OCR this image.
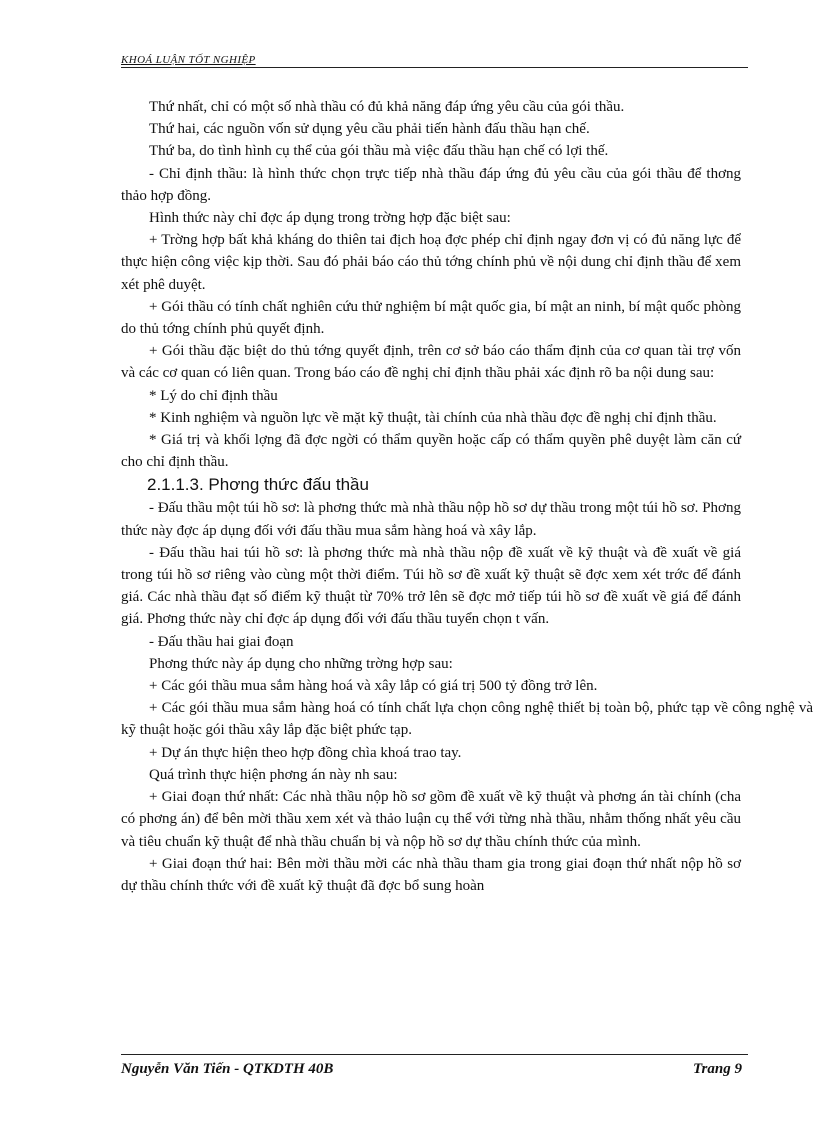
KHOÁ LUẬN TỐT NGHIỆP

Thứ nhất, chỉ có một số nhà thầu có đủ khả năng đáp ứng yêu cầu của gói thầu.

Thứ hai, các nguồn vốn sử dụng yêu cầu phải tiến hành đấu thầu hạn chế.

Thứ ba, do tình hình cụ thể của gói thầu mà việc đấu thầu hạn chế có lợi thế.

- Chỉ định thầu: là hình thức chọn trực tiếp nhà thầu đáp ứng đủ yêu cầu của gói thầu để thơng thảo hợp đồng.

Hình thức này chỉ đợc áp dụng trong trờng hợp đặc biệt sau:

+ Trờng hợp bất khả kháng do thiên tai địch hoạ đợc phép chỉ định ngay đơn vị có đủ năng lực để thực hiện công việc kịp thời. Sau đó phải báo cáo thủ tớng chính phủ về nội dung chỉ định thầu để xem xét phê duyệt.

+ Gói thầu có tính chất nghiên cứu thử nghiệm bí mật quốc gia, bí mật an ninh, bí mật quốc phòng do thủ tớng chính phủ quyết định.

+ Gói thầu đặc biệt do thủ tớng quyết định, trên cơ sở báo cáo thẩm định của cơ quan tài trợ vốn và các cơ quan có liên quan. Trong báo cáo đề nghị chỉ định thầu phải xác định rõ ba nội dung sau:

* Lý do chỉ định thầu

* Kinh nghiệm và nguồn lực về mặt kỹ thuật, tài chính của nhà thầu đợc đề nghị chỉ định thầu.

* Giá trị và khối lợng đã đợc ngời có thẩm quyền hoặc cấp có thẩm quyền phê duyệt làm căn cứ cho chỉ định thầu.

2.1.1.3. Phơng thức đấu thầu

- Đấu thầu một túi hồ sơ: là phơng thức mà nhà thầu nộp hồ sơ dự thầu trong một túi hồ sơ. Phơng thức này đợc áp dụng đối với đấu thầu mua sắm hàng hoá và xây lắp.

- Đấu thầu hai túi hồ sơ: là phơng thức mà nhà thầu nộp đề xuất về kỹ thuật và đề xuất về giá trong túi hồ sơ riêng vào cùng một thời điểm. Túi hồ sơ đề xuất kỹ thuật sẽ đợc xem xét trớc để đánh giá. Các nhà thầu đạt số điểm kỹ thuật từ 70% trở lên sẽ đợc mở tiếp túi hồ sơ đề xuất về giá để đánh giá. Phơng thức này chỉ đợc áp dụng đối với đấu thầu tuyển chọn t vấn.

- Đấu thầu hai giai đoạn

Phơng thức này áp dụng cho những trờng hợp sau:

+ Các gói thầu mua sắm hàng hoá và xây lắp có giá trị 500 tỷ đồng trở lên.

+ Các gói thầu mua sắm hàng hoá có tính chất lựa chọn công nghệ thiết bị toàn bộ, phức tạp về công nghệ và kỹ thuật hoặc gói thầu xây lắp đặc biệt phức tạp.

+ Dự án thực hiện theo hợp đồng chìa khoá trao tay.

Quá trình thực hiện phơng án này nh sau:

+ Giai đoạn thứ nhất: Các nhà thầu nộp hồ sơ gồm đề xuất về kỹ thuật và phơng án tài chính (cha có phơng án) để bên mời thầu xem xét và thảo luận cụ thể với từng nhà thầu, nhằm thống nhất yêu cầu và tiêu chuẩn kỹ thuật để nhà thầu chuẩn bị và nộp hồ sơ dự thầu chính thức của mình.

+ Giai đoạn thứ hai: Bên mời thầu mời các nhà thầu tham gia trong giai đoạn thứ nhất nộp hồ sơ dự thầu chính thức với đề xuất kỹ thuật đã đợc bổ sung hoàn

Nguyễn Văn Tiến - QTKDTH 40B	Trang 9
